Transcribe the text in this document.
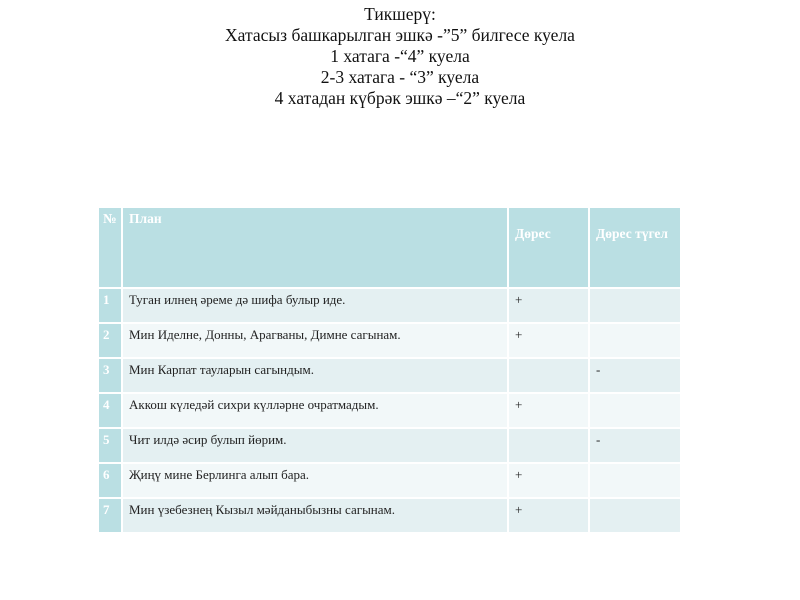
Тикшерү:
Хатасыз башкарылган эшкә -”5” билгесе куела
1 хатага -“4” куела
2-3 хатага - “3” куела
4 хатадан күбрәк эшкә –“2” куела
№	План	Дөрес	Дөрес түгел
1	Туган илнең әреме дә шифа булыр иде.	+	
2	Мин Иделне, Донны, Арагваны, Димне сагынам.	+	
3	Мин Карпат тауларын сагындым.		-
4	Аккош күледәй сихри күлләрне очратмадым.	+	
5	Чит илдә әсир булып йөрим.		-
6	Җиңү мине Берлинга алып бара.	+	
7	Мин үзебезнең Кызыл мәйданыбызны сагынам.	+	
